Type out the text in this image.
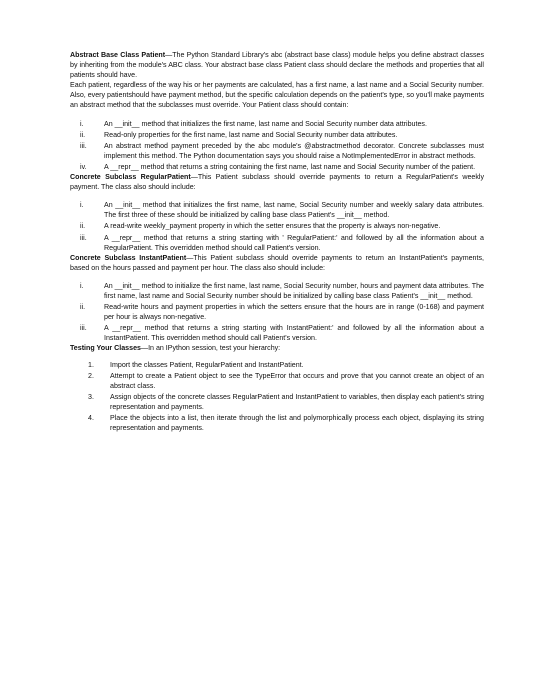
Abstract Base Class Patient—The Python Standard Library's abc (abstract base class) module helps you define abstract classes by inheriting from the module's ABC class. Your abstract base class Patient class should declare the methods and properties that all patients should have.

Each patient, regardless of the way his or her payments are calculated, has a first name, a last name and a Social Security number. Also, every patientshould have payment method, but the specific calculation depends on the patient's type, so you'll make payments an abstract method that the subclasses must override. Your Patient class should contain:

i.	An __init__ method that initializes the first name, last name and Social Security number data attributes.
ii.	Read-only properties for the first name, last name and Social Security number data attributes.
iii.	An abstract method payment preceded by the abc module's @abstractmethod decorator. Concrete subclasses must implement this method. The Python documentation says you should raise a NotImplementedError in abstract methods.
iv.	A __repr__ method that returns a string containing the first name, last name and Social Security number of the patient.

Concrete Subclass RegularPatient—This Patient subclass should override payments to return a RegularPatient's weekly payment. The class also should include:

i.	An __init__ method that initializes the first name, last name, Social Security number and weekly salary data attributes. The first three of these should be initialized by calling base class Patient's __init__ method.
ii.	A read-write weekly_payment property in which the setter ensures that the property is always non-negative.
iii.	A __repr__ method that returns a string starting with ' RegularPatient:' and followed by all the information about a RegularPatient. This overridden method should call Patient's version.

Concrete Subclass InstantPatient—This Patient subclass should override payments to return an InstantPatient's payments, based on the hours passed and payment per hour. The class also should include:

i.	An __init__ method to initialize the first name, last name, Social Security number, hours and payment data attributes. The first name, last name and Social Security number should be initialized by calling base class Patient's __init__ method.
ii.	Read-write hours and payment properties in which the setters ensure that the hours are in range (0-168) and payment per hour is always non-negative.
iii.	A __repr__ method that returns a string starting with InstantPatient:' and followed by all the information about a InstantPatient. This overridden method should call Patient's version.

Testing Your Classes—In an IPython session, test your hierarchy:

1.	Import the classes Patient, RegularPatient and InstantPatient.
2.	Attempt to create a Patient object to see the TypeError that occurs and prove that you cannot create an object of an abstract class.
3.	Assign objects of the concrete classes RegularPatient and InstantPatient to variables, then display each patient's string representation and payments.
4.	Place the objects into a list, then iterate through the list and polymorphically process each object, displaying its string representation and payments.
